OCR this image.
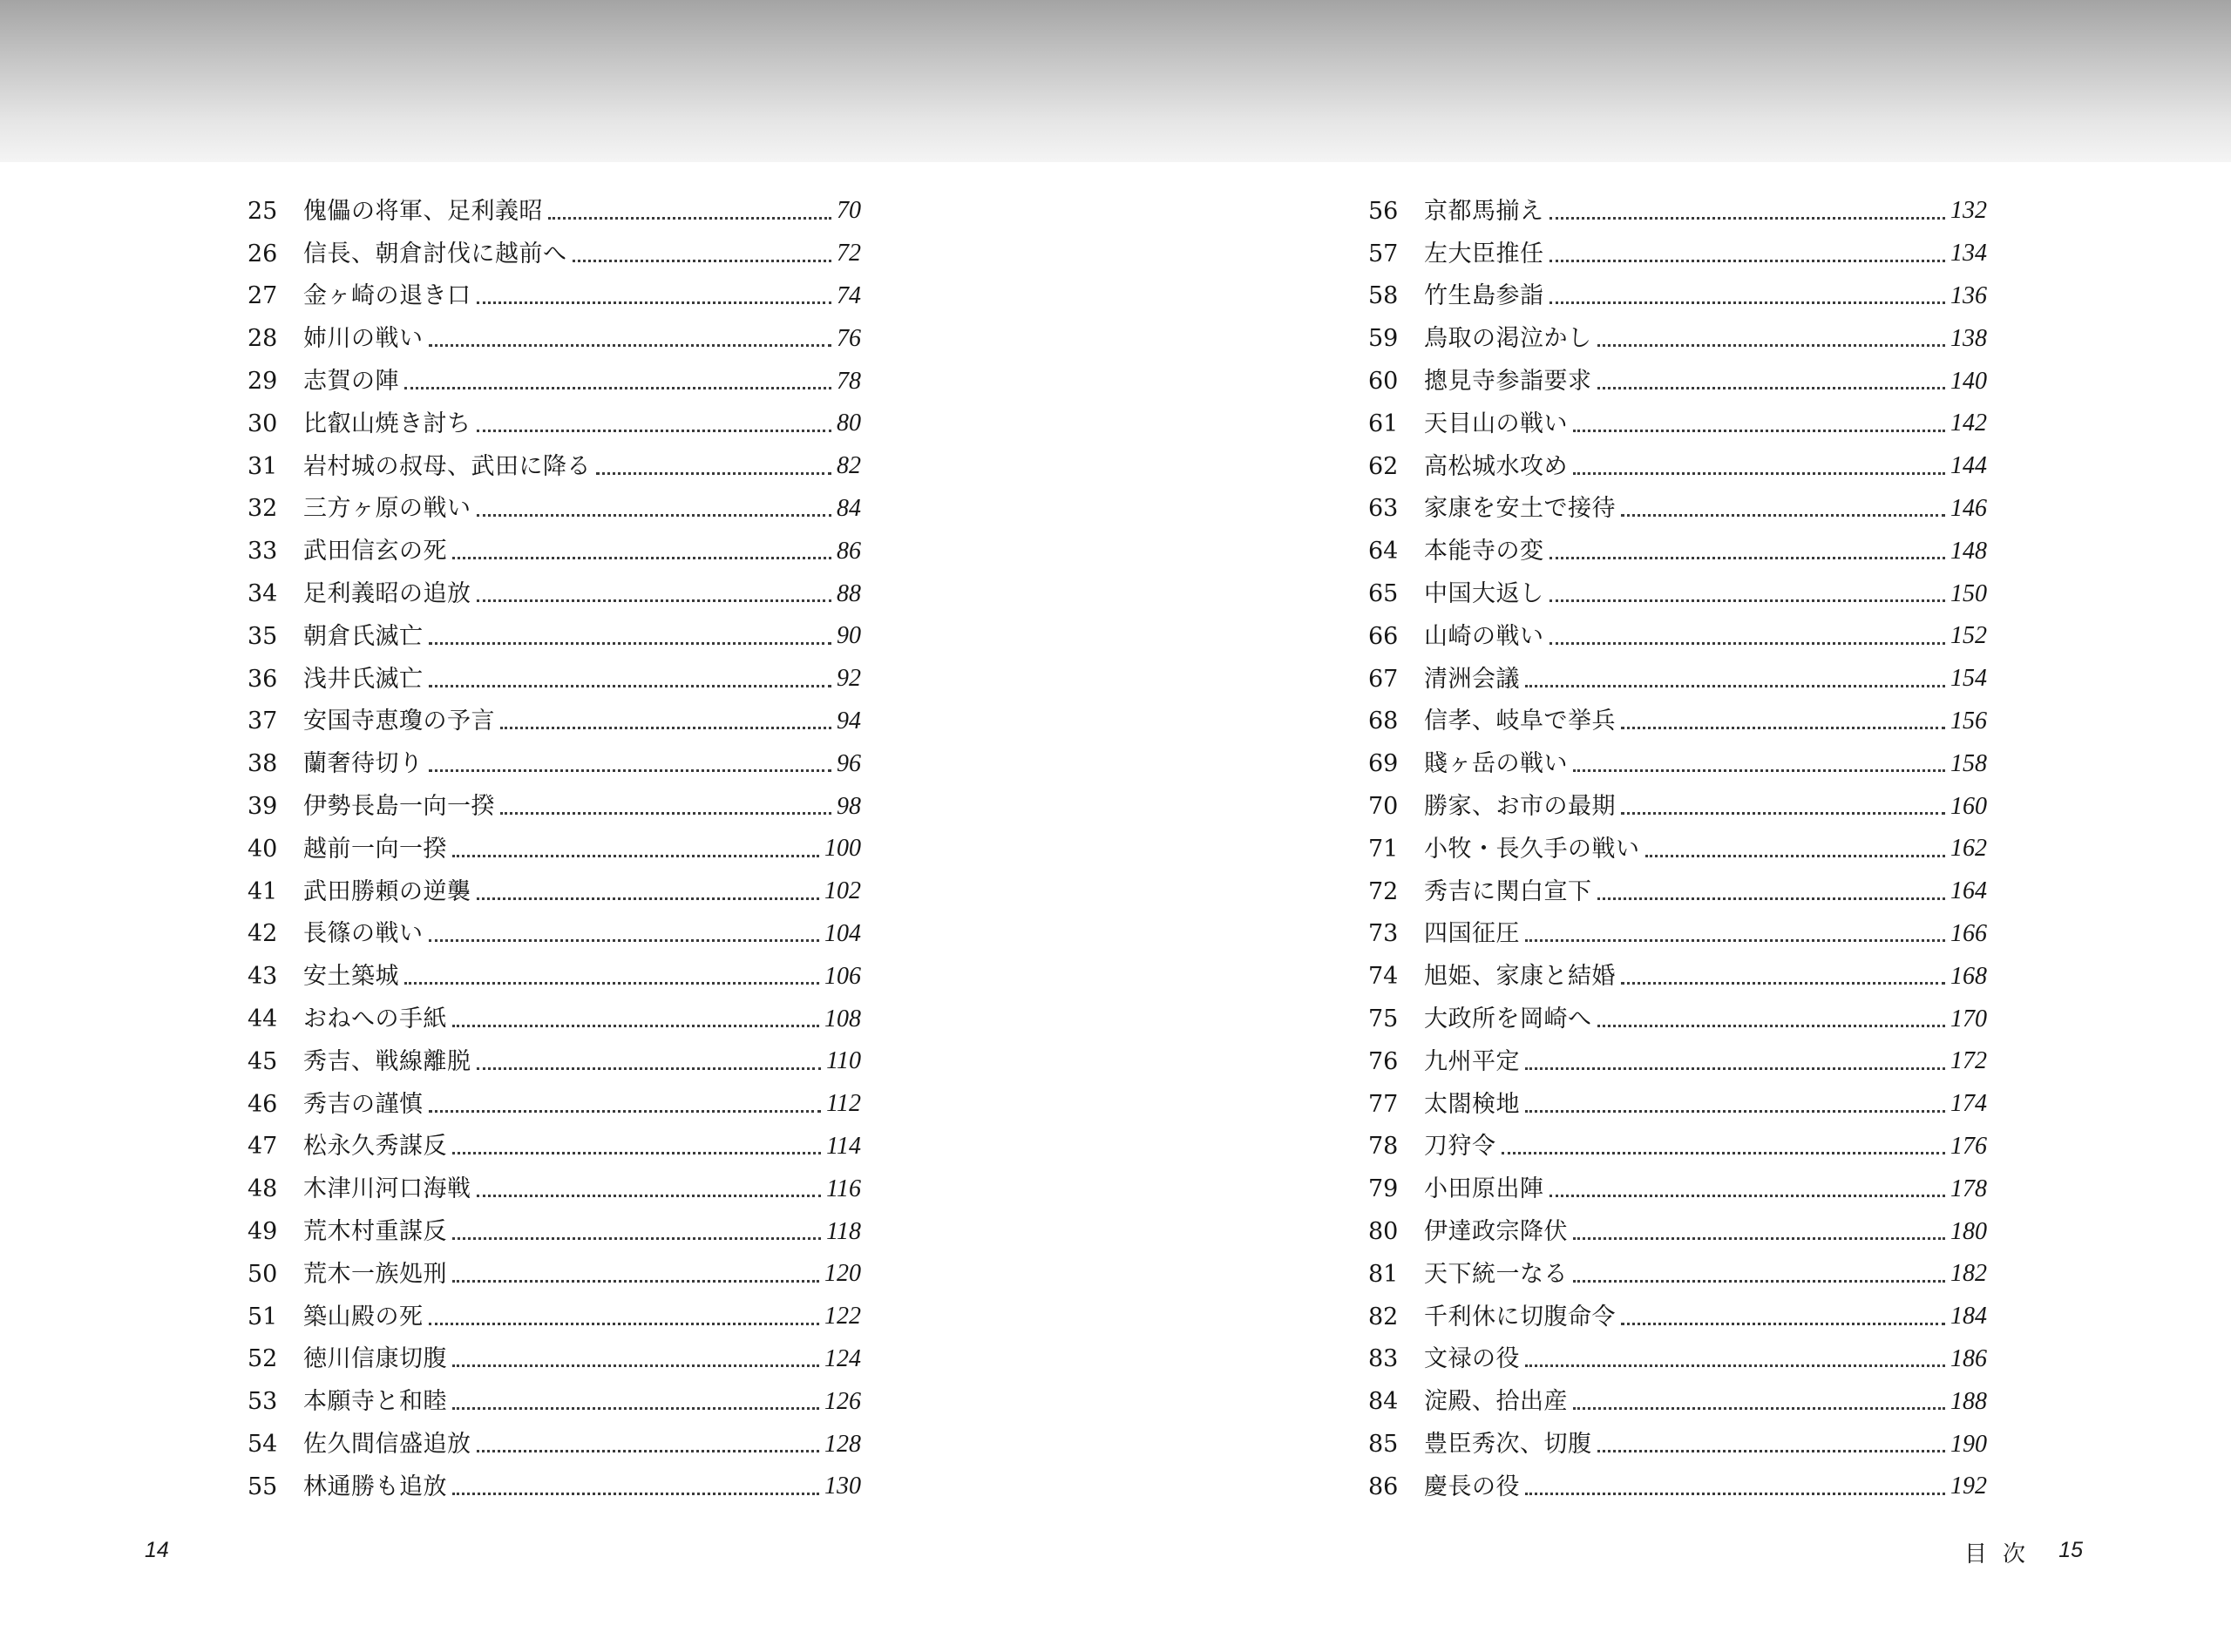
25	傀儡の将軍、足利義昭	70
26	信長、朝倉討伐に越前へ	72
27	金ヶ崎の退き口	74
28	姉川の戦い	76
29	志賀の陣	78
30	比叡山焼き討ち	80
31	岩村城の叔母、武田に降る	82
32	三方ヶ原の戦い	84
33	武田信玄の死	86
34	足利義昭の追放	88
35	朝倉氏滅亡	90
36	浅井氏滅亡	92
37	安国寺恵瓊の予言	94
38	蘭奢待切り	96
39	伊勢長島一向一揆	98
40	越前一向一揆	100
41	武田勝頼の逆襲	102
42	長篠の戦い	104
43	安土築城	106
44	おねへの手紙	108
45	秀吉、戦線離脱	110
46	秀吉の謹慎	112
47	松永久秀謀反	114
48	木津川河口海戦	116
49	荒木村重謀反	118
50	荒木一族処刑	120
51	築山殿の死	122
52	徳川信康切腹	124
53	本願寺と和睦	126
54	佐久間信盛追放	128
55	林通勝も追放	130
14
56	京都馬揃え	132
57	左大臣推任	134
58	竹生島参詣	136
59	鳥取の渇泣かし	138
60	摠見寺参詣要求	140
61	天目山の戦い	142
62	高松城水攻め	144
63	家康を安土で接待	146
64	本能寺の変	148
65	中国大返し	150
66	山崎の戦い	152
67	清洲会議	154
68	信孝、岐阜で挙兵	156
69	賤ヶ岳の戦い	158
70	勝家、お市の最期	160
71	小牧・長久手の戦い	162
72	秀吉に関白宣下	164
73	四国征圧	166
74	旭姫、家康と結婚	168
75	大政所を岡崎へ	170
76	九州平定	172
77	太閤検地	174
78	刀狩令	176
79	小田原出陣	178
80	伊達政宗降伏	180
81	天下統一なる	182
82	千利休に切腹命令	184
83	文禄の役	186
84	淀殿、拾出産	188
85	豊臣秀次、切腹	190
86	慶長の役	192
目次 15
